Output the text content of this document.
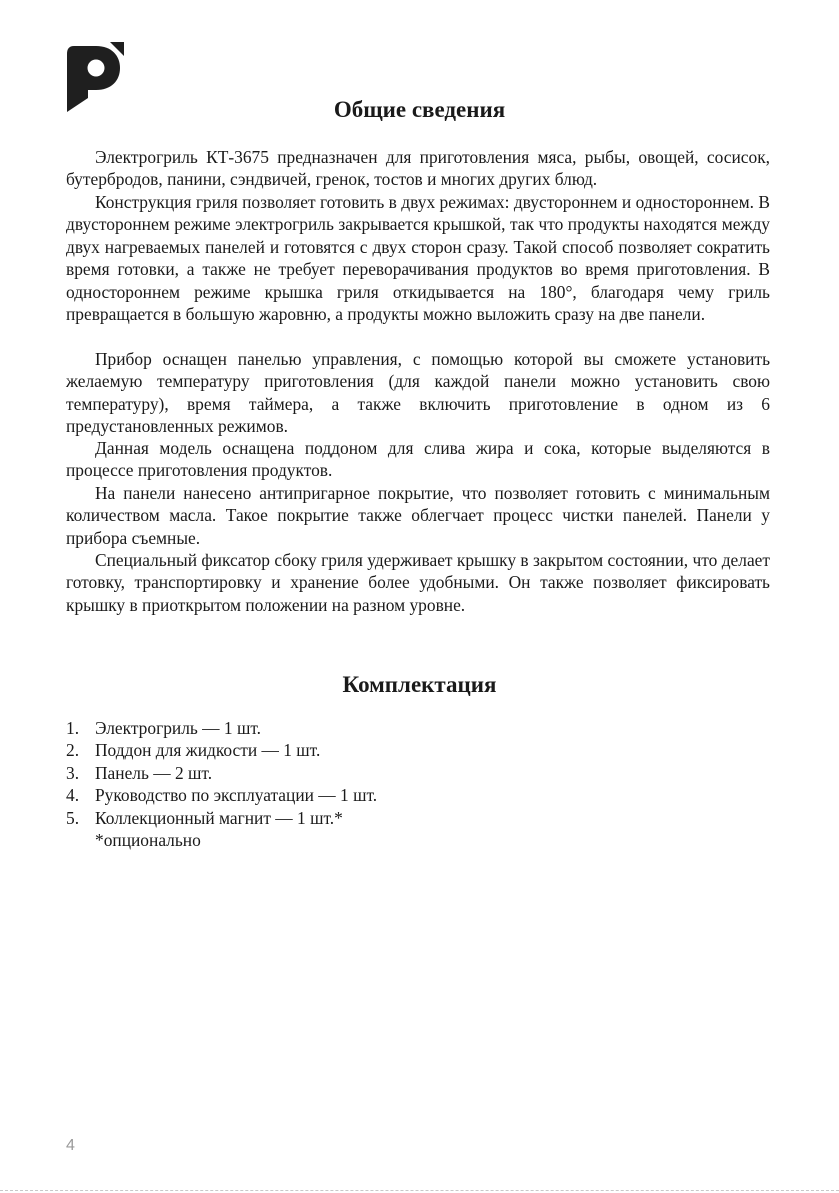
Общие сведения

Электрогриль КТ-3675 предназначен для приготовления мяса, рыбы, овощей, сосисок, бутербродов, панини, сэндвичей, гренок, тостов и многих других блюд.

Конструкция гриля позволяет готовить в двух режимах: двустороннем и одностороннем. В двустороннем режиме электрогриль закрывается крышкой, так что продукты находятся между двух нагреваемых панелей и готовятся с двух сторон сразу. Такой способ позволяет сократить время готовки, а также не требует переворачивания продуктов во время приготовления. В одностороннем режиме крышка гриля откидывается на 180°, благодаря чему гриль превращается в большую жаровню, а продукты можно выложить сразу на две панели.

Прибор оснащен панелью управления, с помощью которой вы сможете установить желаемую температуру приготовления (для каждой панели можно установить свою температуру), время таймера, а также включить приготовление в одном из 6 предустановленных режимов.

Данная модель оснащена поддоном для слива жира и сока, которые выделяются в процессе приготовления продуктов.

На панели нанесено антипригарное покрытие, что позволяет готовить с минимальным количеством масла. Такое покрытие также облегчает процесс чистки панелей. Панели у прибора съемные.

Специальный фиксатор сбоку гриля удерживает крышку в закрытом состоянии, что делает готовку, транспортировку и хранение более удобными. Он также позволяет фиксировать крышку в приоткрытом положении на разном уровне.

Комплектация
1. Электрогриль — 1 шт.
2. Поддон для жидкости — 1 шт.
3. Панель — 2 шт.
4. Руководство по эксплуатации — 1 шт.
5. Коллекционный магнит — 1 шт.*
*опционально
4
